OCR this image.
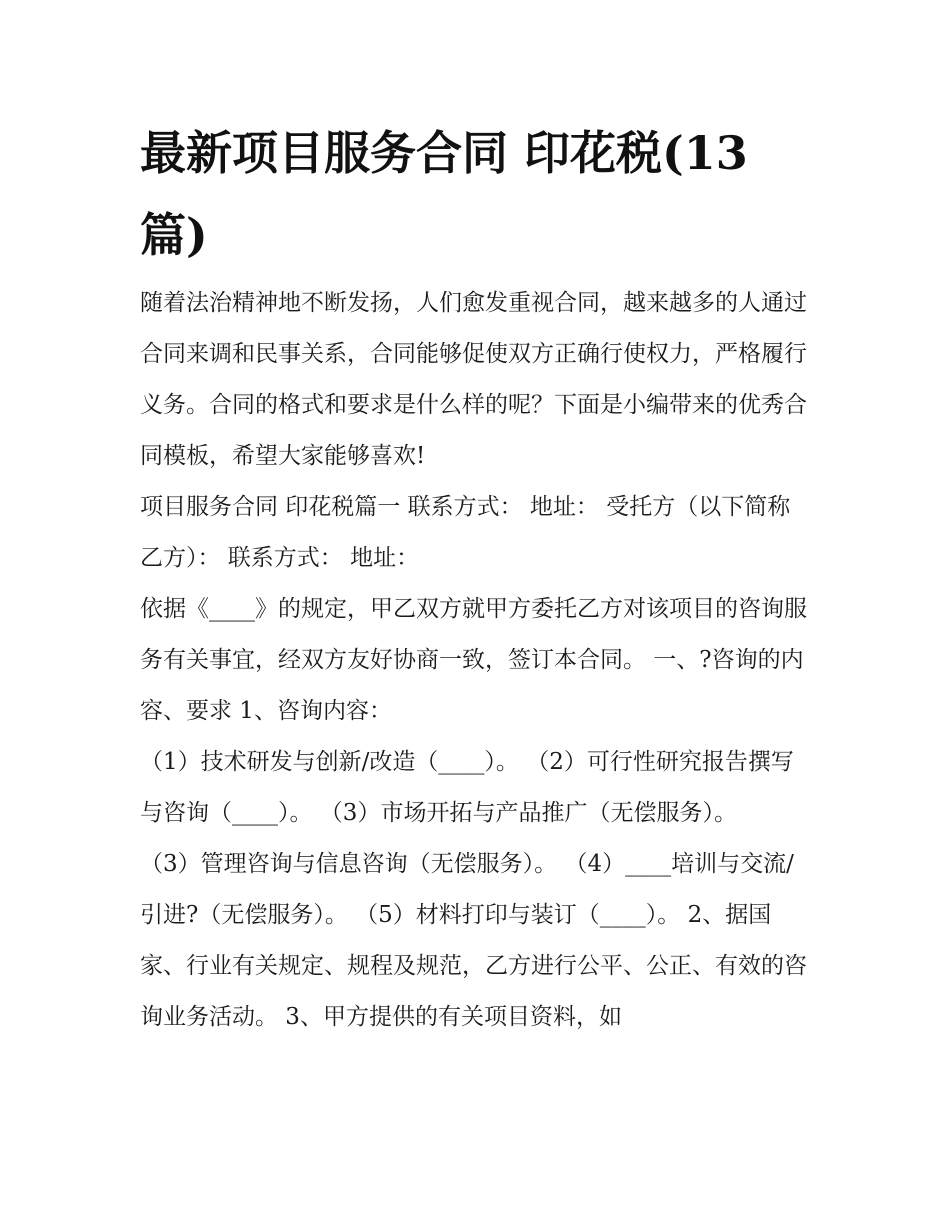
最新项目服务合同 印花税(13篇)

随着法治精神地不断发扬，人们愈发重视合同，越来越多的人通过合同来调和民事关系，合同能够促使双方正确行使权力，严格履行义务。合同的格式和要求是什么样的呢？下面是小编带来的优秀合同模板，希望大家能够喜欢!

项目服务合同 印花税篇一 联系方式： 地址： 受托方（以下简称乙方）： 联系方式： 地址：

依据《____》的规定，甲乙双方就甲方委托乙方对该项目的咨询服务有关事宜，经双方友好协商一致，签订本合同。 一、?咨询的内容、要求 1、咨询内容：

（1）技术研发与创新/改造（____）。 （2）可行性研究报告撰写与咨询（____）。 （3）市场开拓与产品推广（无偿服务）。

（3）管理咨询与信息咨询（无偿服务）。 （4）____培训与交流/引进?（无偿服务）。 （5）材料打印与装订（____）。 2、据国家、行业有关规定、规程及规范，乙方进行公平、公正、有效的咨询业务活动。 3、甲方提供的有关项目资料，如
